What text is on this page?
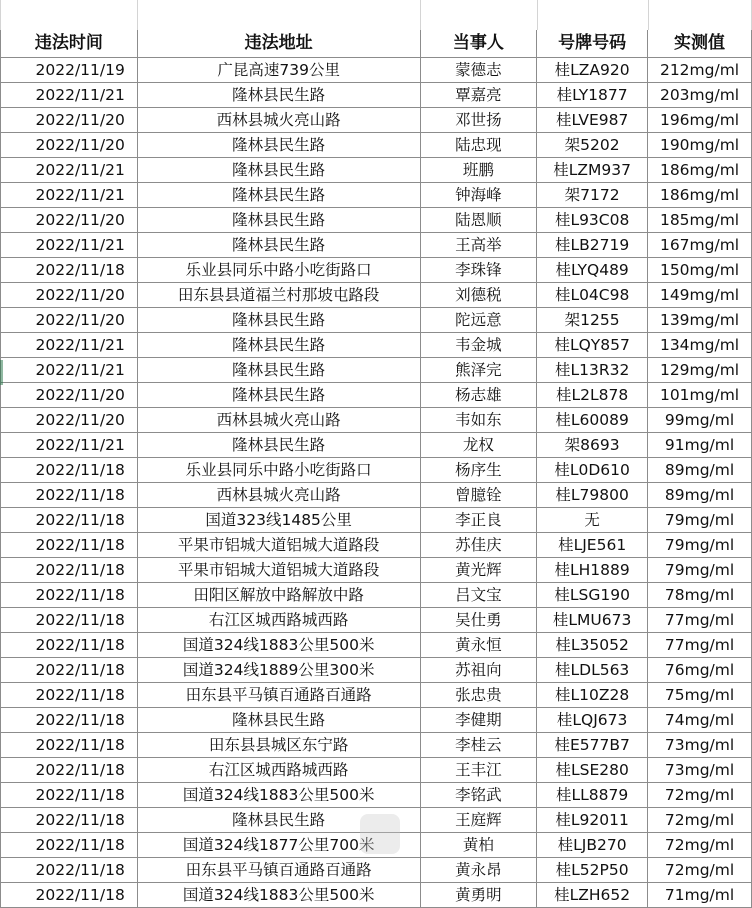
违法时间	违法地址	当事人	号牌号码	实测值
2022/11/19	广昆高速739公里	蒙德志	桂LZA920	212mg/ml
2022/11/21	隆林县民生路	覃嘉亮	桂LY1877	203mg/ml
2022/11/20	西林县城火亮山路	邓世扬	桂LVE987	196mg/ml
2022/11/20	隆林县民生路	陆忠现	架5202	190mg/ml
2022/11/21	隆林县民生路	班鹏	桂LZM937	186mg/ml
2022/11/21	隆林县民生路	钟海峰	架7172	186mg/ml
2022/11/20	隆林县民生路	陆恩顺	桂L93C08	185mg/ml
2022/11/21	隆林县民生路	王高举	桂LB2719	167mg/ml
2022/11/18	乐业县同乐中路小吃街路口	李珠锋	桂LYQ489	150mg/ml
2022/11/20	田东县县道福兰村那坡屯路段	刘德税	桂L04C98	149mg/ml
2022/11/20	隆林县民生路	陀远意	架1255	139mg/ml
2022/11/21	隆林县民生路	韦金城	桂LQY857	134mg/ml
2022/11/21	隆林县民生路	熊泽完	桂L13R32	129mg/ml
2022/11/20	隆林县民生路	杨志雄	桂L2L878	101mg/ml
2022/11/20	西林县城火亮山路	韦如东	桂L60089	99mg/ml
2022/11/21	隆林县民生路	龙权	架8693	91mg/ml
2022/11/18	乐业县同乐中路小吃街路口	杨序生	桂L0D610	89mg/ml
2022/11/18	西林县城火亮山路	曾臆铨	桂L79800	89mg/ml
2022/11/18	国道323线1485公里	李正良	无	79mg/ml
2022/11/18	平果市铝城大道铝城大道路段	苏佳庆	桂LJE561	79mg/ml
2022/11/18	平果市铝城大道铝城大道路段	黄光辉	桂LH1889	79mg/ml
2022/11/18	田阳区解放中路解放中路	吕文宝	桂LSG190	78mg/ml
2022/11/18	右江区城西路城西路	吴仕勇	桂LMU673	77mg/ml
2022/11/18	国道324线1883公里500米	黄永恒	桂L35052	77mg/ml
2022/11/18	国道324线1889公里300米	苏祖向	桂LDL563	76mg/ml
2022/11/18	田东县平马镇百通路百通路	张忠贵	桂L10Z28	75mg/ml
2022/11/18	隆林县民生路	李健期	桂LQJ673	74mg/ml
2022/11/18	田东县县城区东宁路	李桂云	桂E577B7	73mg/ml
2022/11/18	右江区城西路城西路	王丰江	桂LSE280	73mg/ml
2022/11/18	国道324线1883公里500米	李铭武	桂LL8879	72mg/ml
2022/11/18	隆林县民生路	王庭辉	桂L92011	72mg/ml
2022/11/18	国道324线1877公里700米	黄柏	桂LJB270	72mg/ml
2022/11/18	田东县平马镇百通路百通路	黄永昂	桂L52P50	72mg/ml
2022/11/18	国道324线1883公里500米	黄勇明	桂LZH652	71mg/ml
